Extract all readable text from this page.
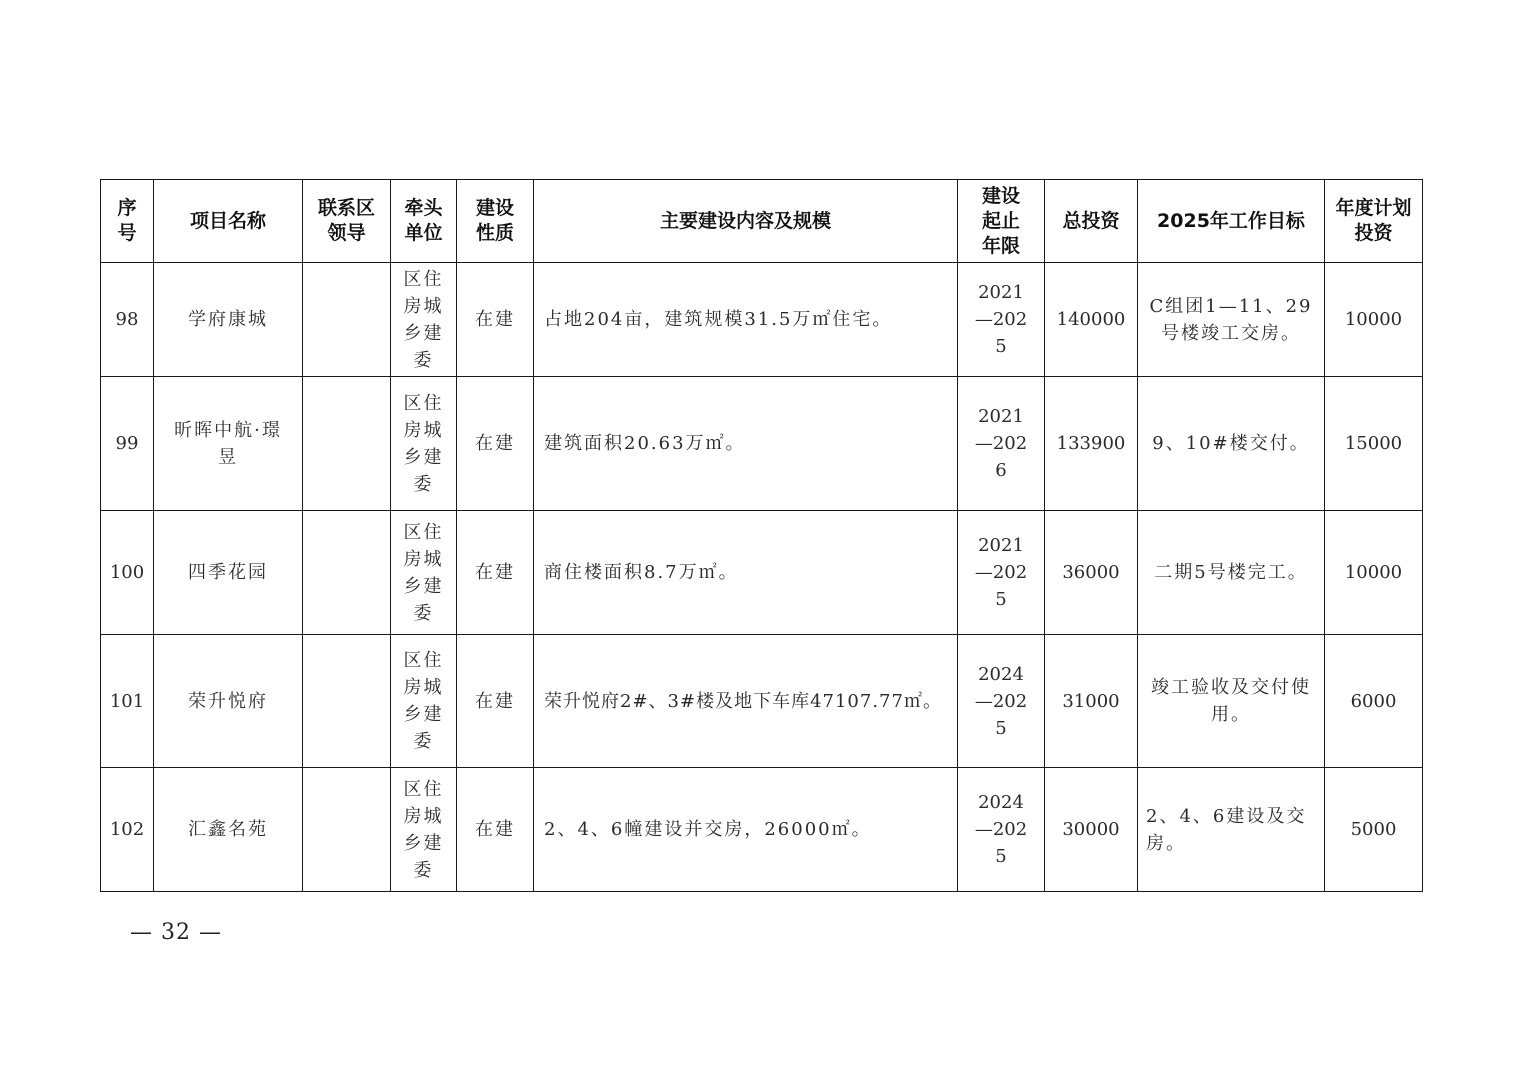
序号	项目名称	联系区领导	牵头单位	建设性质	主要建设内容及规模	建设起止年限	总投资	2025年工作目标	年度计划投资
98	学府康城		区住房城乡建委	在建	占地204亩，建筑规模31.5万㎡住宅。	2021—2025	140000	C组团1—11、29号楼竣工交房。	10000
99	昕晖中航·璟昱		区住房城乡建委	在建	建筑面积20.63万㎡。	2021—2026	133900	9、10#楼交付。	15000
100	四季花园		区住房城乡建委	在建	商住楼面积8.7万㎡。	2021—2025	36000	二期5号楼完工。	10000
101	荣升悦府		区住房城乡建委	在建	荣升悦府2#、3#楼及地下车库47107.77㎡。	2024—2025	31000	竣工验收及交付使用。	6000
102	汇鑫名苑		区住房城乡建委	在建	2、4、6幢建设并交房，26000㎡。	2024—2025	30000	2、4、6建设及交房。	5000
— 32 —
